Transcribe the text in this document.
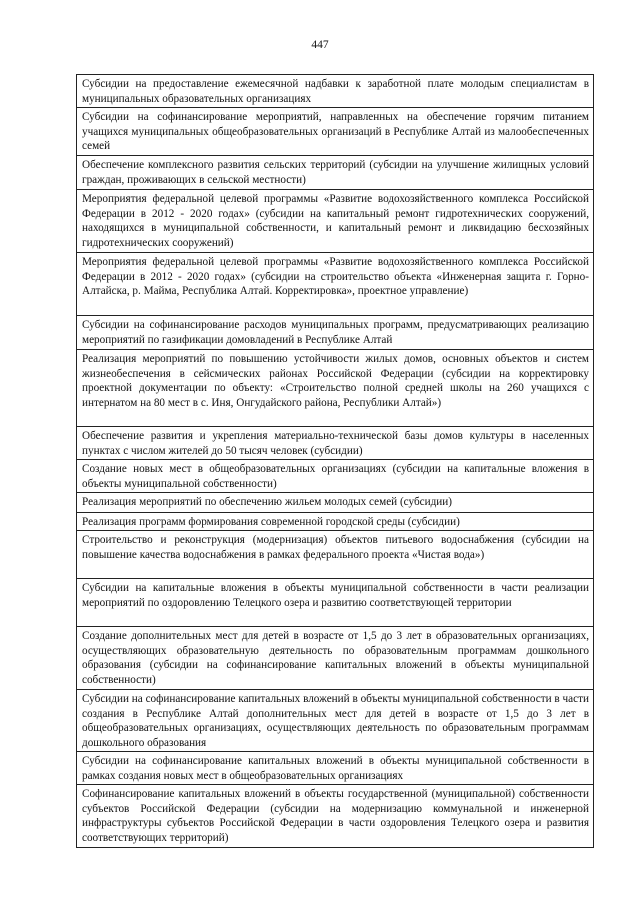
447
Субсидии на предоставление ежемесячной надбавки к заработной плате молодым специалистам в муниципальных образовательных организациях
Субсидии на софинансирование мероприятий, направленных на обеспечение горячим питанием учащихся муниципальных общеобразовательных организаций в Республике Алтай из малообеспеченных семей
Обеспечение комплексного развития сельских территорий (субсидии на улучшение жилищных условий граждан, проживающих в сельской местности)
Мероприятия федеральной целевой программы «Развитие водохозяйственного комплекса Российской Федерации в 2012 - 2020 годах» (субсидии на капитальный ремонт гидротехнических сооружений, находящихся в муниципальной собственности, и капитальный ремонт и ликвидацию бесхозяйных гидротехнических сооружений)
Мероприятия федеральной целевой программы «Развитие водохозяйственного комплекса Российской Федерации в 2012 - 2020 годах» (субсидии на строительство объекта «Инженерная защита г. Горно-Алтайска, р. Майма, Республика Алтай. Корректировка», проектное управление)
Субсидии на софинансирование расходов муниципальных программ, предусматривающих реализацию мероприятий по газификации домовладений в Республике Алтай
Реализация мероприятий по повышению устойчивости жилых домов, основных объектов и систем жизнеобеспечения в сейсмических районах Российской Федерации (субсидии на корректировку проектной документации по объекту: «Строительство полной средней школы на 260 учащихся с интернатом на 80 мест в с. Иня, Онгудайского района, Республики Алтай»)
Обеспечение развития и укрепления материально-технической базы домов культуры в населенных пунктах с числом жителей до 50 тысяч человек (субсидии)
Создание новых мест в общеобразовательных организациях (субсидии на капитальные вложения в объекты муниципальной собственности)
Реализация мероприятий по обеспечению жильем молодых семей (субсидии)
Реализация программ формирования современной городской среды (субсидии)
Строительство и реконструкция (модернизация) объектов питьевого водоснабжения (субсидии на повышение качества водоснабжения в рамках федерального проекта «Чистая вода»)
Субсидии на капитальные вложения в объекты муниципальной собственности в части реализации мероприятий по оздоровлению Телецкого озера и развитию соответствующей территории
Создание дополнительных мест для детей в возрасте от 1,5 до 3 лет в образовательных организациях, осуществляющих образовательную деятельность по образовательным программам дошкольного образования (субсидии на софинансирование капитальных вложений в объекты муниципальной собственности)
Субсидии на софинансирование капитальных вложений в объекты муниципальной собственности в части создания в Республике Алтай дополнительных мест для детей в возрасте от 1,5 до 3 лет в общеобразовательных организациях, осуществляющих деятельность по образовательным программам дошкольного образования
Субсидии на софинансирование капитальных вложений в объекты муниципальной собственности в рамках создания новых мест в общеобразовательных организациях
Софинансирование капитальных вложений в объекты государственной (муниципальной) собственности субъектов Российской Федерации (субсидии на модернизацию коммунальной и инженерной инфраструктуры субъектов Российской Федерации в части оздоровления Телецкого озера и развития соответствующих территорий)
